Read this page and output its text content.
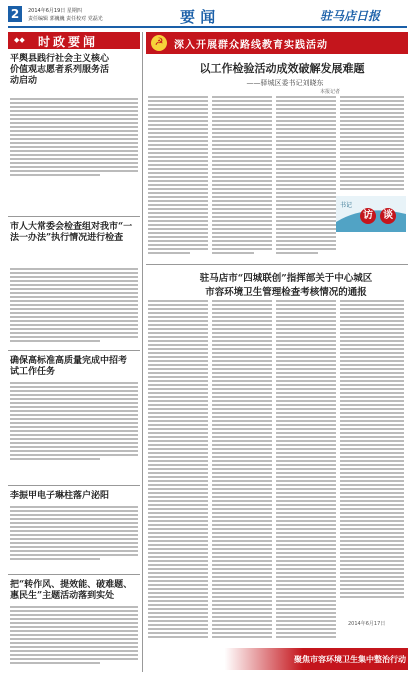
2	2014年6月19日 星期四
责任编辑 郭巍巍 责任校对 党磊光	要 闻	驻马店日报
◆◆ 时政要闻
平舆县践行社会主义核心价值观志愿者系列服务活动启动
市人大常委会检查组对我市“一法一办法”执行情况进行检查
确保高标准高质量完成中招考试工作任务
李振甲电子琳柱落户泌阳
把“转作风、提效能、破难题、惠民生”主题活动落到实处
☭	深入开展群众路线教育实践活动
以工作检验活动成效破解发展难题
——驿城区委书记刘晓东
本报记者
书记
访	谈
驻马店市“四城联创”指挥部关于中心城区
市容环境卫生管理检查考核情况的通报
2014年6月17日
聚焦市容环境卫生集中整治行动
